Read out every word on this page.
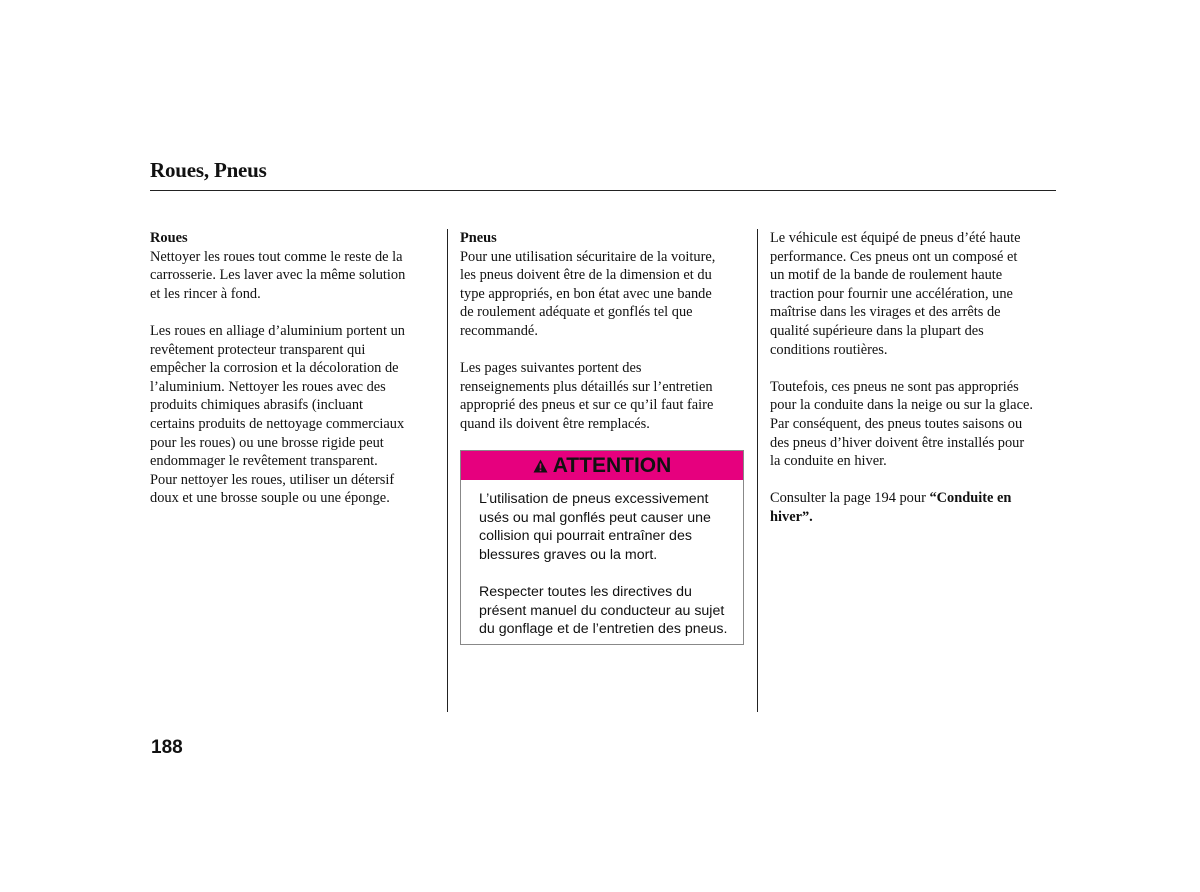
Roues, Pneus

Roues

Nettoyer les roues tout comme le reste de la
carrosserie. Les laver avec la même solution
et les rincer à fond.

Les roues en alliage d’aluminium portent un
revêtement protecteur transparent qui
empêcher la corrosion et la décoloration de
l’aluminium. Nettoyer les roues avec des
produits chimiques abrasifs (incluant
certains produits de nettoyage commerciaux
pour les roues) ou une brosse rigide peut
endommager le revêtement transparent.
Pour nettoyer les roues, utiliser un détersif
doux et une brosse souple ou une éponge.

Pneus

Pour une utilisation sécuritaire de la voiture,
les pneus doivent être de la dimension et du
type appropriés, en bon état avec une bande
de roulement adéquate et gonflés tel que
recommandé.

Les pages suivantes portent des
renseignements plus détaillés sur l’entretien
approprié des pneus et sur ce qu’il faut faire
quand ils doivent être remplacés.

ATTENTION

L’utilisation de pneus excessivement
usés ou mal gonflés peut causer une
collision qui pourrait entraîner des
blessures graves ou la mort.

Respecter toutes les directives du
présent manuel du conducteur au sujet
du gonflage et de l’entretien des pneus.

Le véhicule est équipé de pneus d’été haute
performance. Ces pneus ont un composé et
un motif de la bande de roulement haute
traction pour fournir une accélération, une
maîtrise dans les virages et des arrêts de
qualité supérieure dans la plupart des
conditions routières.

Toutefois, ces pneus ne sont pas appropriés
pour la conduite dans la neige ou sur la glace.
Par conséquent, des pneus toutes saisons ou
des pneus d’hiver doivent être installés pour
la conduite en hiver.

Consulter la page 194 pour “Conduite en
hiver”.

188
